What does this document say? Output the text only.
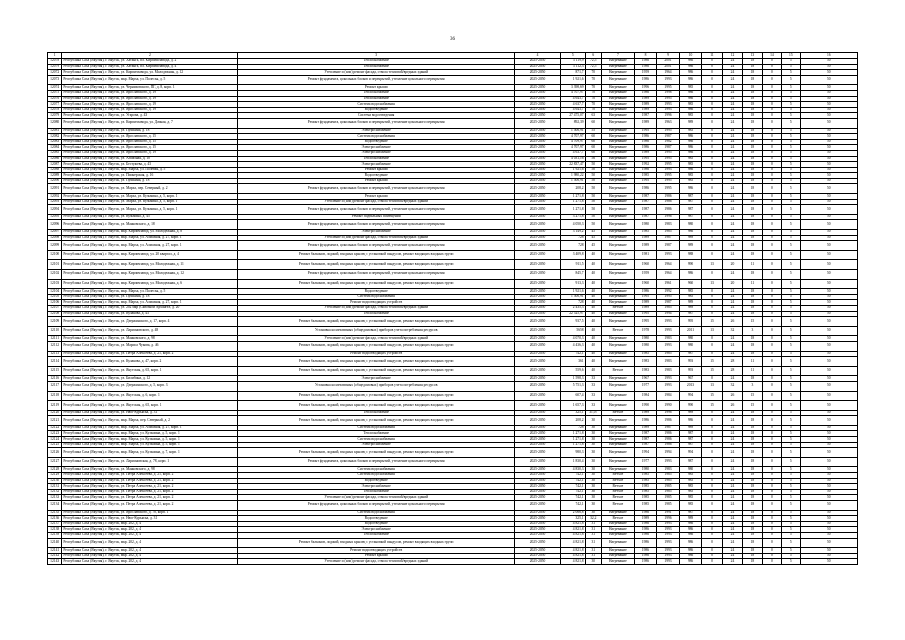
36
1	2	3	4	5	6	7	8	9	10	11	12	13	14	15	16
12078	Республика Саха (Якутия), г. Якутск, ул. Хатанга, пл. Кирпичозавода, д. 2	Теплоснабжение	2025-2050	3 119,9	72,5	Нагревание	1986	2001	986	0	24	18	0	5	50
12079	Республика Саха (Якутия), г. Якутск, ул. Хатанга, пл. Кирпичозавода, д. 4	Теплоснабжение	2025-2050	3 112,3	72,5	Нагревание	1986	2001	986	0	24	18	0	5	50
12072	Республика Саха (Якутия), г. Якутск, ул. Кирпичзавода, ул. Молодежная, д. 12	Утепление и (или) ремонт фасада, ствола тепловой/вредных зданий	2025-2050	871,7	70	Нагревание	1959	1964	986	0	24	18	0	5	50
12073	Республика Саха (Якутия), г. Якутск, мкр. Марха, ул. Полесья, д. 5	Ремонт фундамента, цокольных блоков и перекрытий, утепление цокольного перекрытия	2025-2050	1 921,6	70	Нагревание	1986	1993	986	0	24	18	0	5	50
12074	Республика Саха (Якутия), г. Якутск, ул. Черниховского, ПГ, д. 8, корп. 1	Ремонт крыши	2025-2050	3 398,69	70	Нагревание	1996	1995	985	0	24	18	0	5	50
12075	Республика Саха (Якутия), г. Якутск, ул. Ярославского, д. 19	Теплоснабжение	2025-2050	4 707,97	70	Нагревание	1986	1998	986	0	24	18	0	5	50
12076	Республика Саха (Якутия), г. Якутск, ул. Ярославского, д. 19	Теплоснабжение	2025-2050	4 643,7	70	Нагревание	1989	1995	986	0	24	18	0	5	50
12077	Республика Саха (Якутия), г. Якутск, ул. Ярославского, д. 19	Система водоснабжения	2025-2050	4 637,7	70	Нагревание	1989	1993	985	0	24	18	0	5	50
12078	Республика Саха (Якутия), г. Якутск, ул. Ярославского, д. 19	Водоотведение	2025-2050	4 643,7	70	Нагревание	1989	1993	986	0	24	18	0	5	50
12079	Республика Саха (Якутия), г. Якутск, ул. Угарова, д. 43	Система водоотведения	2025-2050	27 475,07	63	Нагревание	1987	1996	985	0	24	18	0	5	50
12080	Республика Саха (Якутия), г. Якутск, ул. Кирпичзавода, ул. Дачная, д. 7	Ремонт фундамента, цокольных блоков и перекрытий, утепление цокольного перекрытия	2025-2050	892,39	60	Нагревание	1989	1963	989	0	24	18	0	5	50
12081	Республика Саха (Якутия), г. Якутск, ул. Пушкина, д. 18	Электроснабжение	2025-2050	1 506,91	55	Нагревание	1995	1995	985	0	24	18	0	5	50
12082	Республика Саха (Якутия), г. Якутск, ул. Ярославского, д. 15	Система водоснабжения	2025-2050	4 707,97	60	Нагревание	1986	1987	986	0	24	18	0	5	50
12083	Республика Саха (Якутия), г. Якутск, ул. Ярославского, д. 15	Водоотведение	2025-2050	4 709,97	60	Нагревание	1986	1982	986	0	24	18	0	5	50
12084	Республика Саха (Якутия), г. Якутск, ул. Ярославского, д. 15	Электроснабжение	2025-2050	4 707,97	60	Нагревание	1986	1987	986	0	24	18	0	5	50
12085	Республика Саха (Якутия), г. Якутск, ул. Ярославского, д. 19	Электроснабжение	2025-2050	4 637,7	60	Нагревание	1989	1995	986	0	24	18	0	5	50
12086	Республика Саха (Якутия), г. Якутск, ул. Алмазная, д. 10	Теплоснабжение	2025-2050	4 031,16	56	Нагревание	1995	1995	985	0	24	18	0	5	50
12087	Республика Саха (Якутия), г. Якутск, ул. Бестужева, д. 43	Электроснабжение	2025-2050	22 837,47	50	Нагревание	1992	1995	985	0	24	18	0	5	50
12088	Республика Саха (Якутия), г. Якутск, мкр. Марха, ул. Полевая, д. 5	Ремонт крыши	2025-2050	1 921,6	50	Нагревание	1986	1993	986	0	24	18	0	5	50
12089	Республика Саха (Якутия), г. Якутск, ул. Пионерская, д. 16	Водоотведение	2025-2050	1 980,22	50	Нагревание	1985	1995	985	0	24	18	0	5	50
12090	Республика Саха (Якутия), г. Якутск, ул. Пушкина, д. 18	Ремонт крыши	2025-2050	1 506,91	50	Нагревание	1995	1995	985	0	24	18	0	5	50
12091	Республика Саха (Якутия), г. Якутск, ул. Марха, пер. Северный, д. 2	Ремонт фундамента, цокольных блоков и перекрытий, утепление цокольного перекрытия	2025-2050	208,2	50	Нагревание	1986	1995	986	0	24	18	0	5	50
12092	Республика Саха (Якутия), г. Якутск, ул. Марха, ул. Кузьмина, д. 5, корп. 1	Ремонт крыши	2025-2050	1 271,8	50	Нагревание	1987	1986	987	0	24	18	0	5	50
12093	Республика Саха (Якутия), г. Якутск, ул. Марха, ул. Кузьмина, д. 5, корп. 1	Утепление и (или) ремонт фасада, ствола тепловой/вредных зданий	2025-2050	1 271,8	50	Нагревание	1987	1986	987	0	24	18	0	5	50
12094	Республика Саха (Якутия), г. Якутск, ул. Марха, ул. Кузьмина, д. 5, корп. 1	Ремонт фундамента, цокольных блоков и перекрытий, утепление цокольного перекрытия	2025-2050	1 271,8	50	Нагревание	1987	1986	987	0	24	18	0	5	50
12095	Республика Саха (Якутия), г. Якутск, ул. Кузьмина, д. 45	Ремонт подвальных помещений	2025-2050	3 271,8	50	Нагревание	1987	1996	987	0	24	18	0	5	50
12096	Республика Саха (Якутия), г. Якутск, ул. Маяковского, д. 18	Ремонт фундамента, цокольных блоков и перекрытий, утепление цокольного перекрытия	2025-2050	4 050,3	50	Нагревание	1980	1983	980	0	24	18	0	5	50
12097	Республика Саха (Якутия), г. Якутск, мкр. Кирпичзавод, ул. Молодежная, д. 8	Электроснабжение	2025-2050	3 149,2	45	Нагревание	1985	1985	986	0	24	18	0	5	50
12098	Республика Саха (Якутия), г. Якутск, мкр. Марха, ул. Алмазная, д. 27, корп. 1	Утепление и (или) ремонт фасада, ствола тепловой/вредных зданий	2025-2050	728	45	Нагревание	1989	1987	989	0	24	18	0	5	50
12099	Республика Саха (Якутия), г. Якутск, мкр. Марха, ул. Алмазная, д. 27, корп. 1	Ремонт фундамента, цокольных блоков и перекрытий, утепление цокольного перекрытия	2025-2050	728	45	Нагревание	1989	1987	989	0	24	18	0	5	50
12100	Республика Саха (Якутия), г. Якутск, мкр. Кирпичзавод, ул. 20 квартал, д. 4	Ремонт балконов, лоджий, входных крылец с установкой пандусов, ремонт входящих входных групп	2025-2050	3 409,8	40	Нагревание	1981	1993	988	0	24	18	0	5	50
12101	Республика Саха (Якутия), г. Якутск, мкр. Кирпичзавод, ул. Молодежная, д. 11	Ремонт балконов, лоджий, входных крылец с установкой пандусов, ремонт входящих входных групп	2025-2050	911,5	40	Нагревание	1960	1964	990	13	20	11	0	5	50
12102	Республика Саха (Якутия), г. Якутск, мкр. Кирпичзавод, ул. Молодежная, д. 12	Ремонт фундамента, цокольных блоков и перекрытий, утепление цокольного перекрытия	2025-2050	845,7	40	Нагревание	1959	1964	986	0	24	18	0	5	50
12103	Республика Саха (Якутия), г. Якутск, мкр. Кирпичзавод, ул. Молодежная, д. 6	Ремонт балконов, лоджий, входных крылец с установкой пандусов, ремонт входящих входных групп	2025-2050	913,3	40	Нагревание	1960	1961	960	13	20	11	0	5	50
12104	Республика Саха (Якутия), г. Якутск, мкр. Марха, ул. Полесья, д. 5	Водоотведение	2025-2050	1 921,6	40	Нагревание	1986	1992	985	0	24	18	0	5	50
12105	Республика Саха (Якутия), г. Якутск, ул. Пушкина, д. 18	Система водоснабжения	2025-2050	1 506,91	40	Нагревание	1995	1995	985	0	24	18	0	5	50
12106	Республика Саха (Якутия), г. Якутск, мкр. Марха, ул. Алмазная, д. 27, корп. 1	Ремонт водоотводящих устройств	2025-2050	728	40	Нагревание	1989	1987	989	0	24	18	0	5	50
12107	Республика Саха (Якутия), г. Якутск, ул. 202 мкр (Сквозной Архангел, д. 20	Утепление и (или) ремонт фасада, ствола тепловой/вредных зданий	2025-2050	2 435,3	40	Ветхое	1989	1985	989	0	24	18	0	5	50
12108	Республика Саха (Якутия), г. Якутск, ул. Кулакова, д. 43	Теплоснабжение	2025-2050	22 525,97	40	Нагревание	1995	1994	987	0	24	18	0	5	50
12109	Республика Саха (Якутия), г. Якутск, ул. Дзержинского, д. 17, корп. 4	Ремонт балконов, лоджий, входных крылец с установкой пандусов, ремонт входящих входных групп	2025-2050	937,5	40	Нагревание	1995	1993	995	15	26	15	0	5	50
12110	Республика Саха (Якутия), г. Якутск, ул. Ларионовского, д. 48	Установка коллективных (общедомовых) приборов учета потребления ресурсов	2025-2050	5658	40	Ветхое	1978	1993	2011	13	32	3	0	5	50
12111	Республика Саха (Якутия), г. Якутск, ул. Маяковского, д. 98	Утепление и (или) ремонт фасада, ствола тепловой/вредных зданий	2025-2050	4 070,3	40	Нагревание	1980	1983	980	0	24	18	0	5	50
12112	Республика Саха (Якутия), г. Якутск, ул. Мариса Чукова, д. 46	Ремонт балконов, лоджий, входных крылец с установкой пандусов, ремонт входящих входных групп	2025-2050	4 436,3	40	Нагревание	1980	1993	980	0	24	18	0	5	50
12113	Республика Саха (Якутия), г. Якутск, ул. Петра Алексеева, д. 21, корп. 2	Ремонт водоотводящих устройств	2025-2050	742,1	40	Нагревание	1985	1985	987	0	24	18	0	5	50
12114	Республика Саха (Якутия), г. Якутск, ул. Кулакова, д. 47, корп. 2	Ремонт балконов, лоджий, входных крылец с установкой пандусов, ремонт входящих входных групп	2025-2050	361	40	Нагревание	1983	1983	993	15	28	11	0	5	50
12115	Республика Саха (Якутия), г. Якутск, ул. Якутская, д. 65, корп. 1	Ремонт балконов, лоджий, входных крылец с установкой пандусов, ремонт входящих входных групп	2025-2050	559,6	40	Ветхое	1983	1983	993	15	28	11	0	5	50
12116	Республика Саха (Якутия), г. Якутск, ул. Билибина, д. 12	Электроснабжение	2025-2050	1 598,3	33	Нагревание	1967	1993	967	0	24	18	0	5	50
12117	Республика Саха (Якутия), г. Якутск, ул. Дзержинского, д. 5, корп. 3	Установка коллективных (общедомовых) приборов учета потребления ресурсов	2025-2050	5 751,3	33	Нагревание	1977	1993	2013	13	32	3	0	5	50
12118	Республика Саха (Якутия), г. Якутск, ул. Якутская, д. 6, корп. 1	Ремонт балконов, лоджий, входных крылец с установкой пандусов, ремонт входящих входных групп	2025-2050	607,4	33	Нагревание	1984	1984	994	15	26	15	0	5	50
12119	Республика Саха (Якутия), г. Якутск, ул. Якутская, д. 65, корп. 1	Ремонт балконов, лоджий, входных крылец с установкой пандусов, ремонт входящих входных групп	2025-2050	1 657,3	33	Нагревание	1990	1990	990	15	26	15	0	5	50
12120	Республика Саха (Якутия), г. Якутск, ул. Нюо-Курьяска, д. 31	Теплоснабжение	2025-2050	325,1	31,07	Ветхое	1989	1996	989	0	24	18	0	5	50
12121	Республика Саха (Якутия), г. Якутск, мкр. Марха, пер. Северный, д. 2	Ремонт балконов, лоджий, входных крылец с установкой пандусов, ремонт входящих входных групп	2025-2050	208,2	30	Нагревание	1986	1986	986	0	24	18	0	5	50
12122	Республика Саха (Якутия), г. Якутск, мкр. Марха, ул. Алмазная, д. 27, корп. 1	Система водоснабжения	2025-2050	728	30	Нагревание	1989	1987	989	0	24	18	0	5	50
12123	Республика Саха (Якутия), г. Якутск, мкр. Марха, ул. Кузьмина, д. 5, корп. 1	Теплоснабжение	2025-2050	1 271,8	30	Нагревание	1987	1986	987	0	24	18	0	5	50
12124	Республика Саха (Якутия), г. Якутск, мкр. Марха, ул. Кузьмина, д. 5, корп. 1	Система водоснабжения	2025-2050	1 271,8	30	Нагревание	1987	1986	987	0	24	18	0	5	50
12125	Республика Саха (Якутия), г. Якутск, мкр. Марха, ул. Кузьмина, д. 5, корп. 1	Электроснабжение	2025-2050	1 271,8	30	Нагревание	1987	1986	987	0	24	18	0	5	50
12126	Республика Саха (Якутия), г. Якутск, мкр. Марха, ул. Кузьмина, д. 7, корп. 1	Ремонт балконов, лоджий, входных крылец с установкой пандусов, ремонт входящих входных групп	2025-2050	980,3	30	Нагревание	1994	1994	994	0	24	18	0	5	50
12127	Республика Саха (Якутия), г. Якутск, ул. Ларионовская, д. 78, корп. 1	Ремонт фундамента, цокольных блоков и перекрытий, утепление цокольного перекрытия	2025-2050	1 830,4	30	Нагревание	1977	1993	987	0	24	18	0	5	50
12128	Республика Саха (Якутия), г. Якутск, ул. Маяковского, д. 98	Система водоснабжения	2025-2050	4 830,3	30	Нагревание	1980	1983	980	0	24	18	0	5	50
12129	Республика Саха (Якутия), г. Якутск, ул. Петра Алексеева, д. 21, корп. 2	Система водоснабжения	2025-2050	742,1	30	Ветхое	1985	1985	985	0	24	18	0	5	50
12130	Республика Саха (Якутия), г. Якутск, ул. Петра Алексеева, д. 21, корп. 2	Водоотведение	2025-2050	742,1	30	Ветхое	1985	1985	985	0	24	18	0	5	50
12131	Республика Саха (Якутия), г. Якутск, ул. Петра Алексеева, д. 21, корп. 2	Электроснабжение	2025-2050	742,1	30	Ветхое	1985	1985	985	0	24	18	0	5	50
12132	Республика Саха (Якутия), г. Якутск, ул. Петра Алексеева, д. 21, корп. 2	Теплоснабжение	2025-2050	742,1	30	Ветхое	1985	1985	985	0	24	18	0	5	50
12133	Республика Саха (Якутия), г. Якутск, ул. Петра Алексеева, д. 21, корп. 2	Утепление и (или) ремонт фасада, ствола тепловой/вредных зданий	2025-2050	742,1	30	Ветхое	1985	1985	985	0	24	18	0	5	50
12134	Республика Саха (Якутия), г. Якутск, ул. Петра Алексеева, д. 21, корп. 2	Ремонт фундамента, цокольных блоков и перекрытий, утепление цокольного перекрытия	2025-2050	742,1	30	Ветхое	1985	1985	985	0	24	18	0	5	50
12135	Республика Саха (Якутия), г. Якутск, ул. Ярославского, д. 78, корп. 1	Система водоснабжения	2025-2050	2 066,8	30	Нагревание	1986	1991	987	0	24	18	0	5	50
12136	Республика Саха (Якутия), г. Якутск, ул. Нюо-Курьяска, д. 31	Водоотведение	2025-2050	325,1	32,2	Ветхое	1989	1996	989	0	24	18	0	5	50
12137	Республика Саха (Якутия), г. Якутск, мкр. 202, д. 4	Водоотведение	2025-2050	4 821,8	31	Нагревание	1986	1993	986	0	24	18	0	5	50
12138	Республика Саха (Якутия), г. Якутск, мкр. 202, д. 4	Электроснабжение	2025-2050	4 821,8	31	Нагревание	1986	1993	986	0	24	18	0	5	50
12139	Республика Саха (Якутия), г. Якутск, мкр. 202, д. 4	Теплоснабжение	2025-2050	4 821,8	31	Нагревание	1986	1993	986	0	24	18	0	5	50
12140	Республика Саха (Якутия), г. Якутск, мкр. 202, д. 4	Ремонт балконов, лоджий, входных крылец с установкой пандусов, ремонт входящих входных групп	2025-2050	4 821,8	31	Нагревание	1986	1993	986	0	24	18	0	5	50
12141	Республика Саха (Якутия), г. Якутск, мкр. 202, д. 4	Ремонт водоотводящих устройств	2025-2050	4 821,8	31	Нагревание	1986	1993	986	0	24	18	0	5	50
12142	Республика Саха (Якутия), г. Якутск, мкр. 202, д. 4	Ремонт крыши	2025-2050	4 821,8	31	Нагревание	1986	1993	986	0	24	18	0	5	50
12143	Республика Саха (Якутия), г. Якутск, мкр. 202, д. 4	Утепление и (или) ремонт фасада, ствола тепловой/вредных зданий	2025-2050	4 821,8	30	Нагревание	1986	1993	986	0	24	18	0	5	50
